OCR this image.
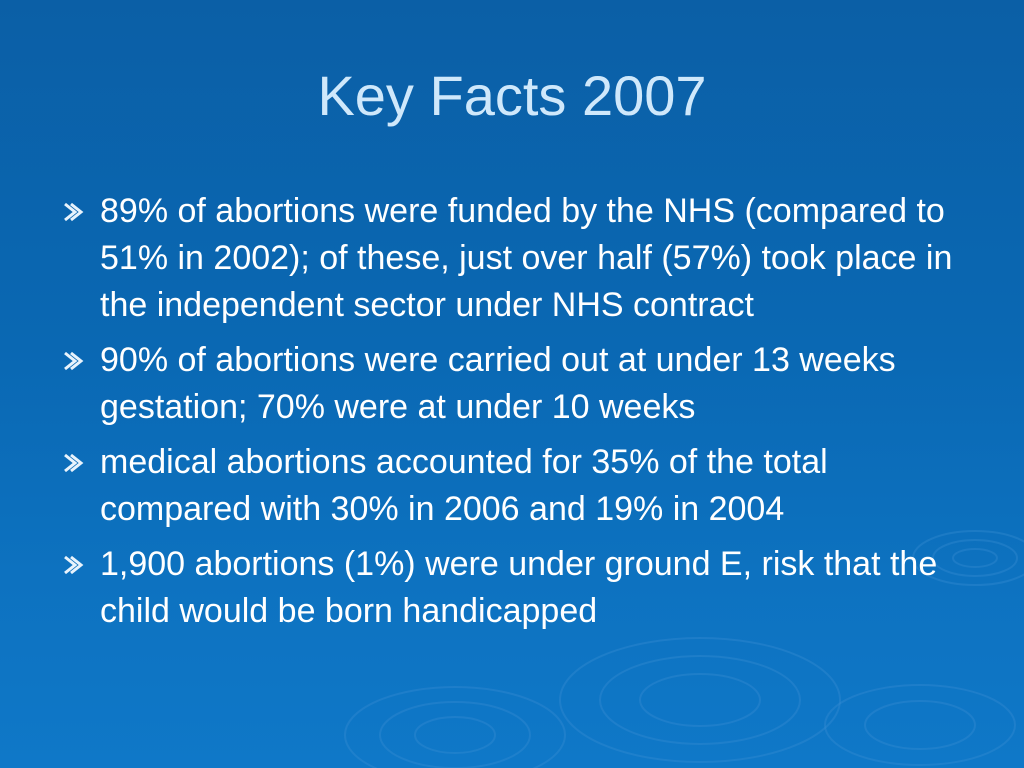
Key Facts 2007
89% of abortions were funded by the NHS (compared to 51% in 2002); of these, just over half (57%) took place in the independent sector under NHS contract
90% of abortions were carried out at under 13 weeks gestation; 70% were at under 10 weeks
medical abortions accounted for 35% of the total compared with 30% in 2006 and 19% in 2004
1,900 abortions (1%) were under ground E, risk that the child would be born handicapped
